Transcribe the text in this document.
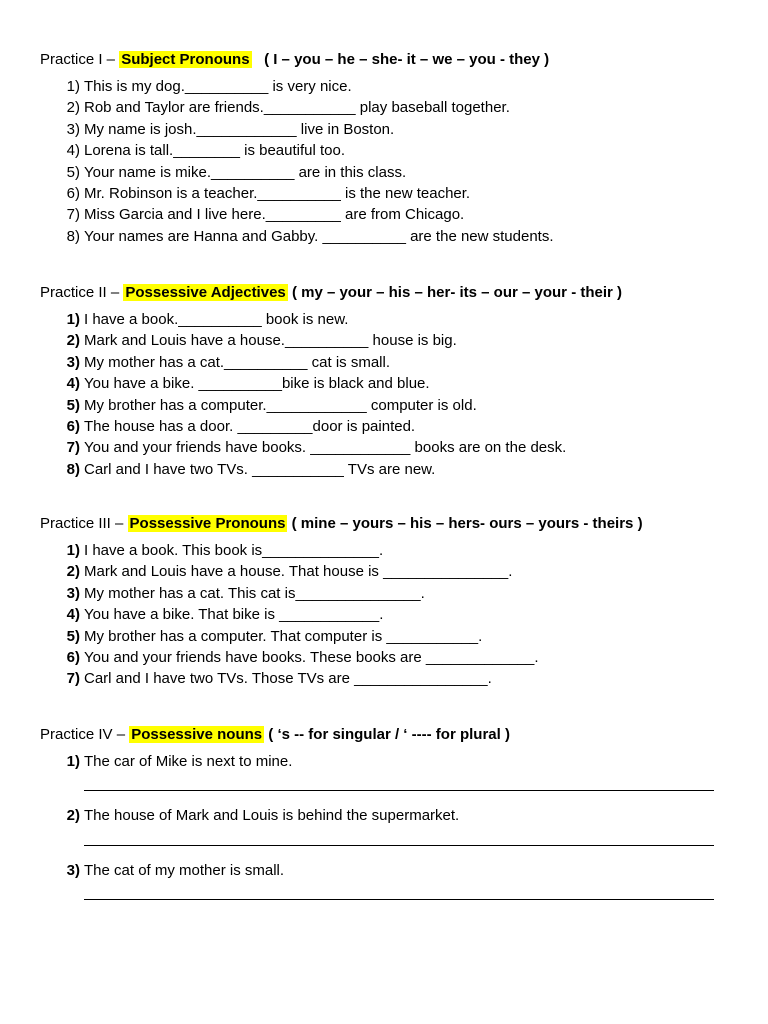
Practice I – Subject Pronouns ( I – you – he – she- it – we – you - they )

1) This is my dog.__________ is very nice.
2) Rob and Taylor are friends.___________ play baseball together.
3) My name is josh.____________ live in Boston.
4) Lorena is tall.________ is beautiful too.
5) Your name is mike.__________ are in this class.
6) Mr. Robinson is a teacher.__________ is the new teacher.
7) Miss Garcia and I live here._________ are from Chicago.
8) Your names are Hanna and Gabby. __________ are the new students.

Practice II – Possessive Adjectives ( my – your – his – her- its – our – your - their )

1) I have a book.__________ book is new.
2) Mark and Louis have a house.__________ house is big.
3) My mother has a cat.__________ cat is small.
4) You have a bike. __________bike is black and blue.
5) My brother has a computer.____________ computer is old.
6) The house has a door. _________door is painted.
7) You and your friends have books. ____________ books are on the desk.
8) Carl and I have two TVs. ___________ TVs are new.

Practice III – Possessive Pronouns ( mine – yours – his – hers- ours – yours - theirs )

1) I have a book. This book is______________.
2) Mark and Louis have a house. That house is _______________.
3) My mother has a cat. This cat is_______________.
4) You have a bike. That bike is ____________.
5) My brother has a computer. That computer is ___________.
6) You and your friends have books. These books are _____________.
7) Carl and I have two TVs. Those TVs are ________________.

Practice IV – Possessive nouns ( ‘s -- for singular / ‘ ---- for plural )

1) The car of Mike is next to mine.
2) The house of Mark and Louis is behind the supermarket.
3) The cat of my mother is small.
